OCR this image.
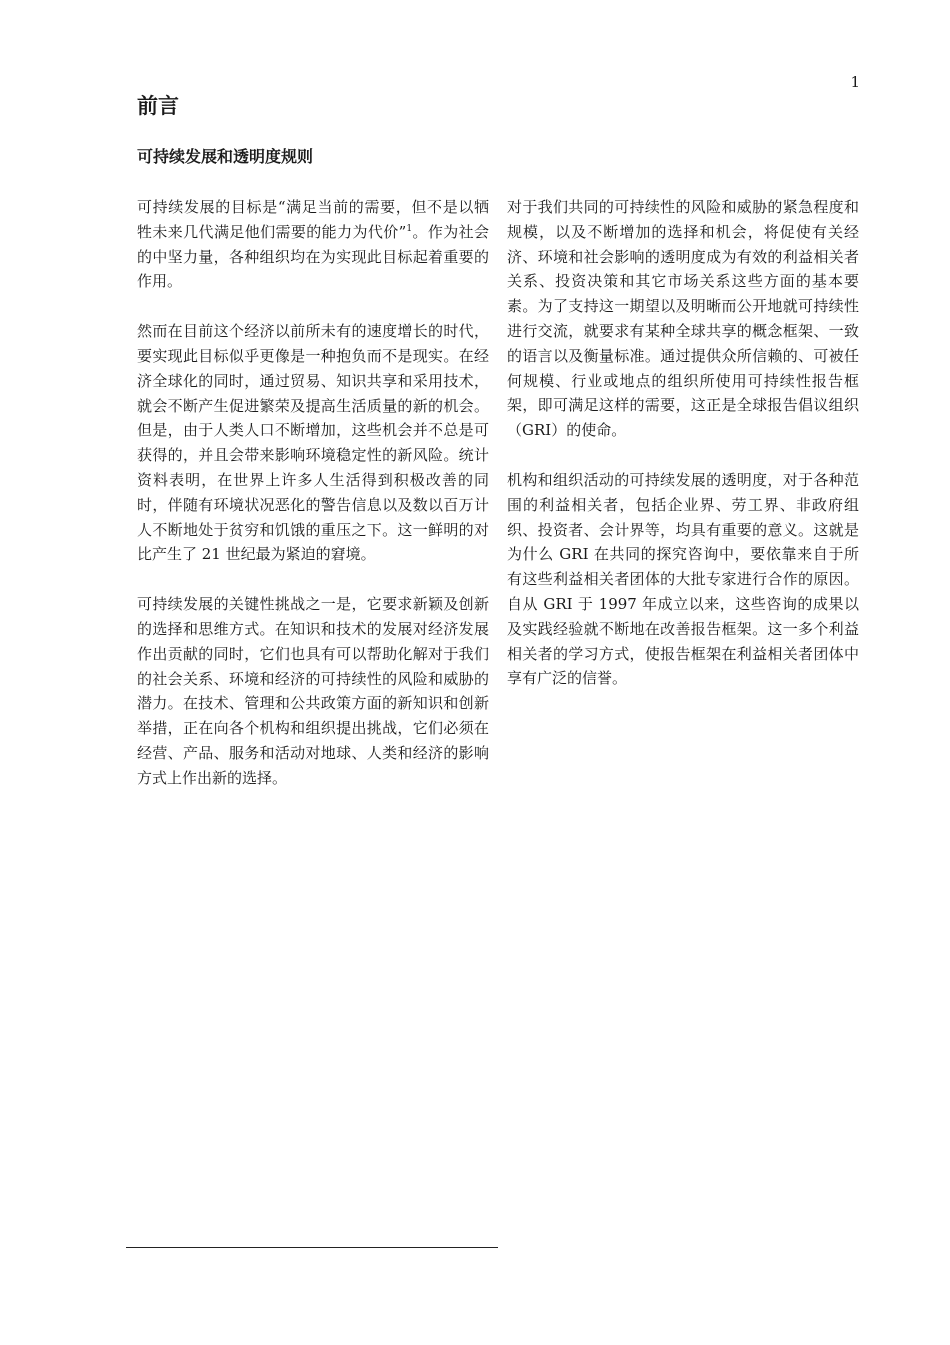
1
前言
可持续发展和透明度规则

可持续发展的目标是“满足当前的需要，但不是以牺牲未来几代满足他们需要的能力为代价”$^1$。作为社会的中坚力量，各种组织均在为实现此目标起着重要的作用。

然而在目前这个经济以前所未有的速度增长的时代，要实现此目标似乎更像是一种抱负而不是现实。在经济全球化的同时，通过贸易、知识共享和采用技术，就会不断产生促进繁荣及提高生活质量的新的机会。但是，由于人类人口不断增加，这些机会并不总是可获得的，并且会带来影响环境稳定性的新风险。统计资料表明，在世界上许多人生活得到积极改善的同时，伴随有环境状况恶化的警告信息以及数以百万计人不断地处于贫穷和饥饿的重压之下。这一鲜明的对比产生了 21 世纪最为紧迫的窘境。

可持续发展的关键性挑战之一是，它要求新颖及创新的选择和思维方式。在知识和技术的发展对经济发展作出贡献的同时，它们也具有可以帮助化解对于我们的社会关系、环境和经济的可持续性的风险和威胁的潜力。在技术、管理和公共政策方面的新知识和创新举措，正在向各个机构和组织提出挑战，它们必须在经营、产品、服务和活动对地球、人类和经济的影响方式上作出新的选择。

对于我们共同的可持续性的风险和威胁的紧急程度和规模，以及不断增加的选择和机会，将促使有关经济、环境和社会影响的透明度成为有效的利益相关者关系、投资决策和其它市场关系这些方面的基本要素。为了支持这一期望以及明晰而公开地就可持续性进行交流，就要求有某种全球共享的概念框架、一致的语言以及衡量标准。通过提供众所信赖的、可被任何规模、行业或地点的组织所使用可持续性报告框架，即可满足这样的需要，这正是全球报告倡议组织（GRI）的使命。

机构和组织活动的可持续发展的透明度，对于各种范围的利益相关者，包括企业界、劳工界、非政府组织、投资者、会计界等，均具有重要的意义。这就是为什么 GRI 在共同的探究咨询中，要依靠来自于所有这些利益相关者团体的大批专家进行合作的原因。自从 GRI 于 1997 年成立以来，这些咨询的成果以及实践经验就不断地在改善报告框架。这一多个利益相关者的学习方式，使报告框架在利益相关者团体中享有广泛的信誉。
